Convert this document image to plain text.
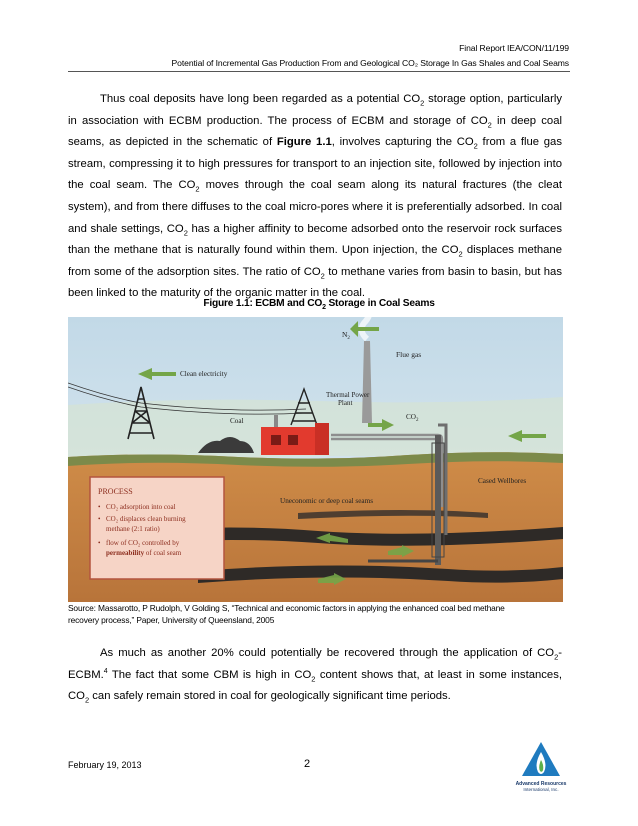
Final Report IEA/CON/11/199
Potential of Incremental Gas Production From and Geological CO₂ Storage In Gas Shales and Coal Seams
Thus coal deposits have long been regarded as a potential $CO_2$ storage option, particularly in association with ECBM production. The process of ECBM and storage of $CO_2$ in deep coal seams, as depicted in the schematic of Figure 1.1, involves capturing the $CO_2$ from a flue gas stream, compressing it to high pressures for transport to an injection site, followed by injection into the coal seam. The $CO_2$ moves through the coal seam along its natural fractures (the cleat system), and from there diffuses to the coal micro-pores where it is preferentially adsorbed. In coal and shale settings, $CO_2$ has a higher affinity to become adsorbed onto the reservoir rock surfaces than the methane that is naturally found within them. Upon injection, the $CO_2$ displaces methane from some of the adsorption sites. The ratio of $CO_2$ to methane varies from basin to basin, but has been linked to the maturity of the organic matter in the coal.
Figure 1.1: ECBM and $CO_2$ Storage in Coal Seams
$N_2$
Flue gas
Clean electricity
Thermal Power
Plant
Coal	$CO_2$
Cased Wellbores
Uneconomic or deep coal seams
PROCESS
• CO₂ adsorption into coal
• CO₂ displaces clean burning
methane (2:1 ratio)
• flow of CO₂ controlled by
permeability of coal seam
Source: Massarotto, P Rudolph, V Golding S, “Technical and economic factors in applying the enhanced coal bed methane
recovery process,” Paper, University of Queensland, 2005
As much as another 20% could potentially be recovered through the application of $CO_2-ECBM.^4$ The fact that some CBM is high in $CO_2$ content shows that, at least in some instances, $CO_2$ can safely remain stored in coal for geologically significant time periods.
February 19, 2013	2
Advanced Resources
International, Inc.
